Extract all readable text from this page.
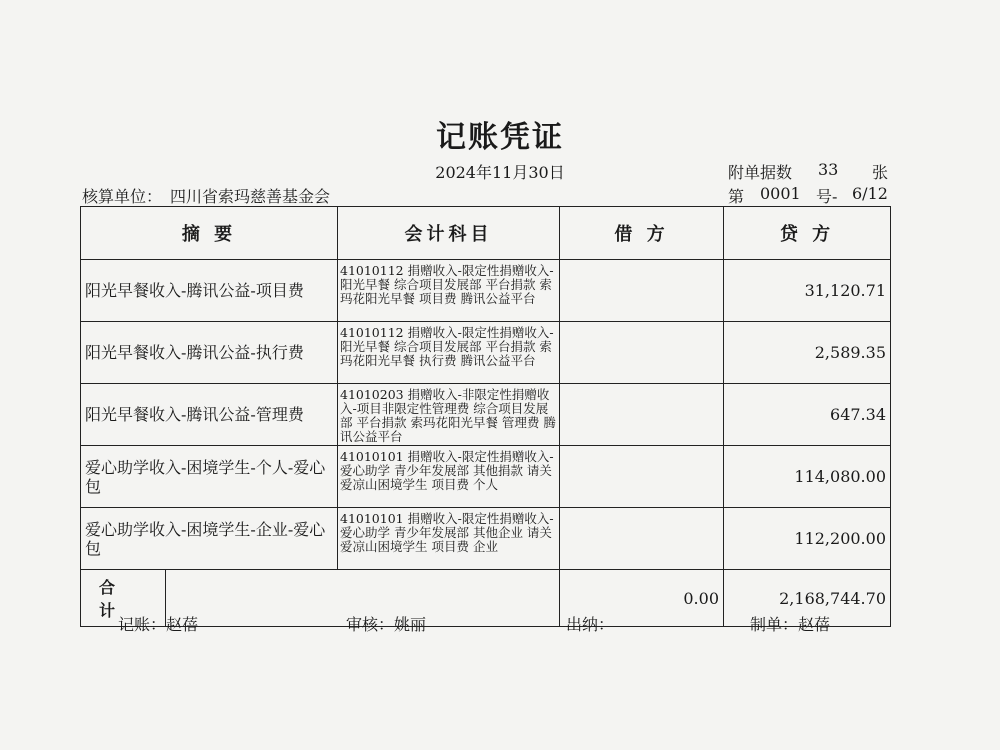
记账凭证
2024年11月30日	附单据数 33 张
核算单位： 四川省索玛慈善基金会	第 0001 号- 6/12
摘 要		会计科目	借 方	贷 方
阳光早餐收入-腾讯公益-项目费		41010112 捐赠收入-限定性捐赠收入-阳光早餐 综合项目发展部 平台捐款 索玛花阳光早餐 项目费 腾讯公益平台		31,120.71
阳光早餐收入-腾讯公益-执行费		41010112 捐赠收入-限定性捐赠收入-阳光早餐 综合项目发展部 平台捐款 索玛花阳光早餐 执行费 腾讯公益平台		2,589.35
阳光早餐收入-腾讯公益-管理费		41010203 捐赠收入-非限定性捐赠收入-项目非限定性管理费 综合项目发展部 平台捐款 索玛花阳光早餐 管理费 腾讯公益平台		647.34
爱心助学收入-困境学生-个人-爱心包		41010101 捐赠收入-限定性捐赠收入-爱心助学 青少年发展部 其他捐款 请关爱凉山困境学生 项目费 个人		114,080.00
爱心助学收入-困境学生-企业-爱心包		41010101 捐赠收入-限定性捐赠收入-爱心助学 青少年发展部 其他企业 请关爱凉山困境学生 项目费 企业		112,200.00
合 计			0.00	2,168,744.70
记账：赵蓓	审核：姚丽	出纳：	制单：赵蓓
